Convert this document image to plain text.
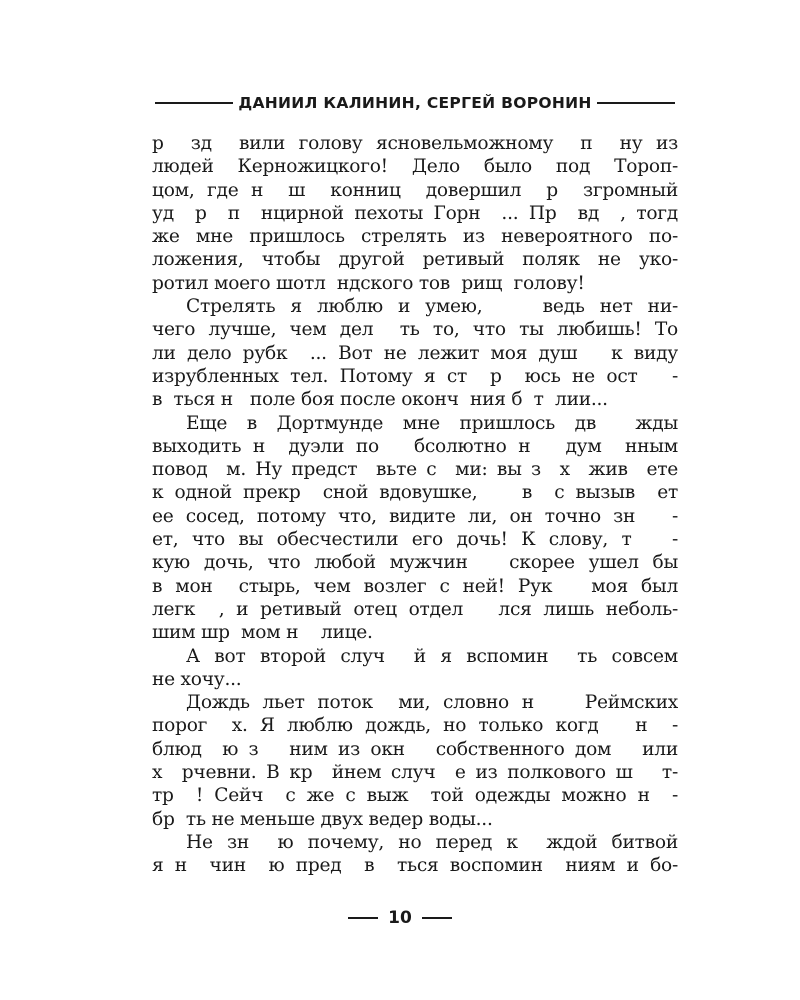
ДАНИИЛ КАЛИНИН, СЕРГЕЙ ВОРОНИН
р  зд  вили голову ясновельможному  п  ну из
людей Керножицкого! Дело было под Тороп-
цом, где н  ш  конниц  довершил  р  згромный
уд  р  п  нцирной пехоты Горн  ... Пр  вд  , тогд
же мне пришлось стрелять из невероятного по-
ложения, чтобы другой ретивый поляк не уко-
ротил моего шотл  ндского тов  рищ  голову!
Стрелять я люблю и умею,    ведь нет ни-
чего лучше, чем дел  ть то, что ты любишь! То
ли дело рубк  ... Вот не лежит моя душ   к виду
изрубленных тел. Потому я ст  р  юсь не ост   -
в  ться н   поле боя после оконч  ния б  т  лии...
Еще в Дортмунде мне пришлось дв  жды
выходить н  дуэли по   бсолютно н   дум  нным
повод  м. Ну предст  вьте с  ми: вы з  х  жив  ете
к одной прекр  сной вдовушке,    в  с вызыв  ет
ее сосед, потому что, видите ли, он точно зн   -
ет, что вы обесчестили его дочь! К слову, т   -
кую дочь, что любой мужчин   скорее ушел бы
в мон  стырь, чем возлег с ней! Рук   моя был
легк  , и ретивый отец отдел   лся лишь неболь-
шим шр  мом н    лице.
А вот второй случ  й я вспомин  ть совсем
не хочу...
Дождь льет поток  ми, словно н    Реймских
порог  х. Я люблю дождь, но только когд   н  -
блюд  ю з   ним из окн   собственного дом   или
х  рчевни. В кр  йнем случ  е из полкового ш   т-
тр  ! Сейч  с же с выж  той одежды можно н  -
бр  ть не меньше двух ведер воды...
Не зн  ю почему, но перед к  ждой битвой
я н  чин  ю пред  в  ться воспомин  ниям и бо-
10
